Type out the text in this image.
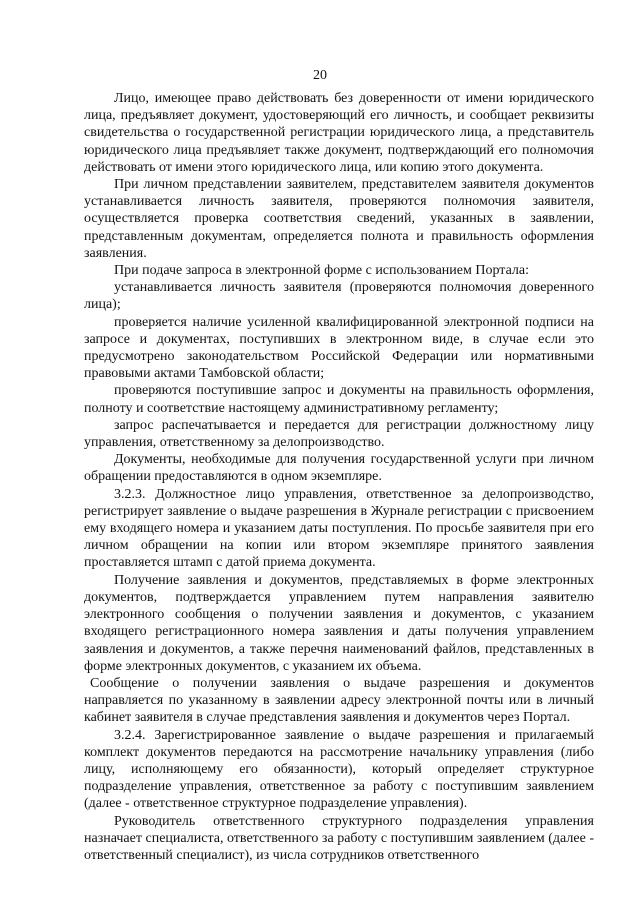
20

Лицо, имеющее право действовать без доверенности от имени юридического лица, предъявляет документ, удостоверяющий его личность, и сообщает реквизиты свидетельства о государственной регистрации юридического лица, а представитель юридического лица предъявляет также документ, подтверждающий его полномочия действовать от имени этого юридического лица, или копию этого документа.

При личном представлении заявителем, представителем заявителя документов устанавливается личность заявителя, проверяются полномочия заявителя, осуществляется проверка соответствия сведений, указанных в заявлении, представленным документам, определяется полнота и правильность оформления заявления.

При подаче запроса в электронной форме с использованием Портала:

устанавливается личность заявителя (проверяются полномочия доверенного лица);

проверяется наличие усиленной квалифицированной электронной подписи на запросе и документах, поступивших в электронном виде, в случае если это предусмотрено законодательством Российской Федерации или нормативными правовыми актами Тамбовской области;

проверяются поступившие запрос и документы на правильность оформления, полноту и соответствие настоящему административному регламенту;

запрос распечатывается и передается для регистрации должностному лицу управления, ответственному за делопроизводство.

Документы, необходимые для получения государственной услуги при личном обращении предоставляются в одном экземпляре.

3.2.3. Должностное лицо управления, ответственное за делопроизводство, регистрирует заявление о выдаче разрешения в Журнале регистрации с присвоением ему входящего номера и указанием даты поступления. По просьбе заявителя при его личном обращении на копии или втором экземпляре принятого заявления проставляется штамп с датой приема документа.

Получение заявления и документов, представляемых в форме электронных документов, подтверждается управлением путем направления заявителю электронного сообщения о получении заявления и документов, с указанием входящего регистрационного номера заявления и даты получения управлением заявления и документов, а также перечня наименований файлов, представленных в форме электронных документов, с указанием их объема.

Сообщение о получении заявления о выдаче разрешения и документов направляется по указанному в заявлении адресу электронной почты или в личный кабинет заявителя в случае представления заявления и документов через Портал.

3.2.4. Зарегистрированное заявление о выдаче разрешения и прилагаемый комплект документов передаются на рассмотрение начальнику управления (либо лицу, исполняющему его обязанности), который определяет структурное подразделение управления, ответственное за работу с поступившим заявлением (далее - ответственное структурное подразделение управления).

Руководитель ответственного структурного подразделения управления назначает специалиста, ответственного за работу с поступившим заявлением (далее - ответственный специалист), из числа сотрудников ответственного
